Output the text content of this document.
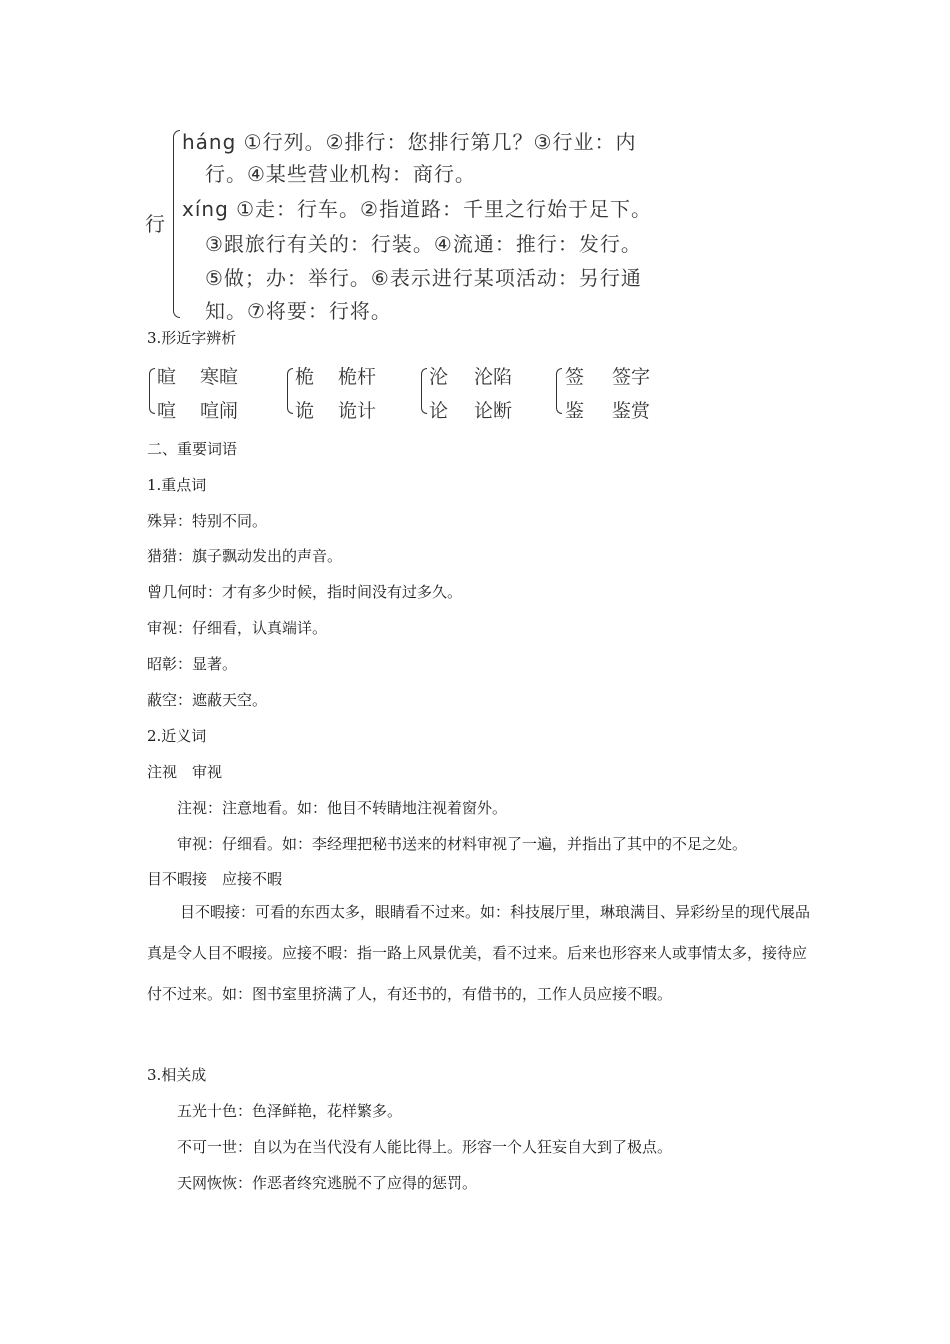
行
háng ①行列。②排行：您排行第几？③行业：内
行。④某些营业机构：商行。
xíng ①走：行车。②指道路：千里之行始于足下。
③跟旅行有关的：行装。④流通：推行：发行。
⑤做；办：举行。⑥表示进行某项活动：另行通
知。⑦将要：行将。
3.形近字辨析
暄 寒暄
喧 喧闹
桅 桅杆
诡 诡计
沦 沦陷
论 论断
签 签字
鉴 鉴赏
二、重要词语
1.重点词
殊异：特别不同。
猎猎：旗子飘动发出的声音。
曾几何时：才有多少时候，指时间没有过多久。
审视：仔细看，认真端详。
昭彰：显著。
蔽空：遮蔽天空。
2.近义词
注视　审视
注视：注意地看。如：他目不转睛地注视着窗外。
审视：仔细看。如：李经理把秘书送来的材料审视了一遍，并指出了其中的不足之处。
目不暇接　应接不暇
目不暇接：可看的东西太多，眼睛看不过来。如：科技展厅里，琳琅满目、异彩纷呈的现代展品真是令人目不暇接。应接不暇：指一路上风景优美，看不过来。后来也形容来人或事情太多，接待应付不过来。如：图书室里挤满了人，有还书的，有借书的，工作人员应接不暇。
3.相关成
五光十色：色泽鲜艳，花样繁多。
不可一世：自以为在当代没有人能比得上。形容一个人狂妄自大到了极点。
天网恢恢：作恶者终究逃脱不了应得的惩罚。
